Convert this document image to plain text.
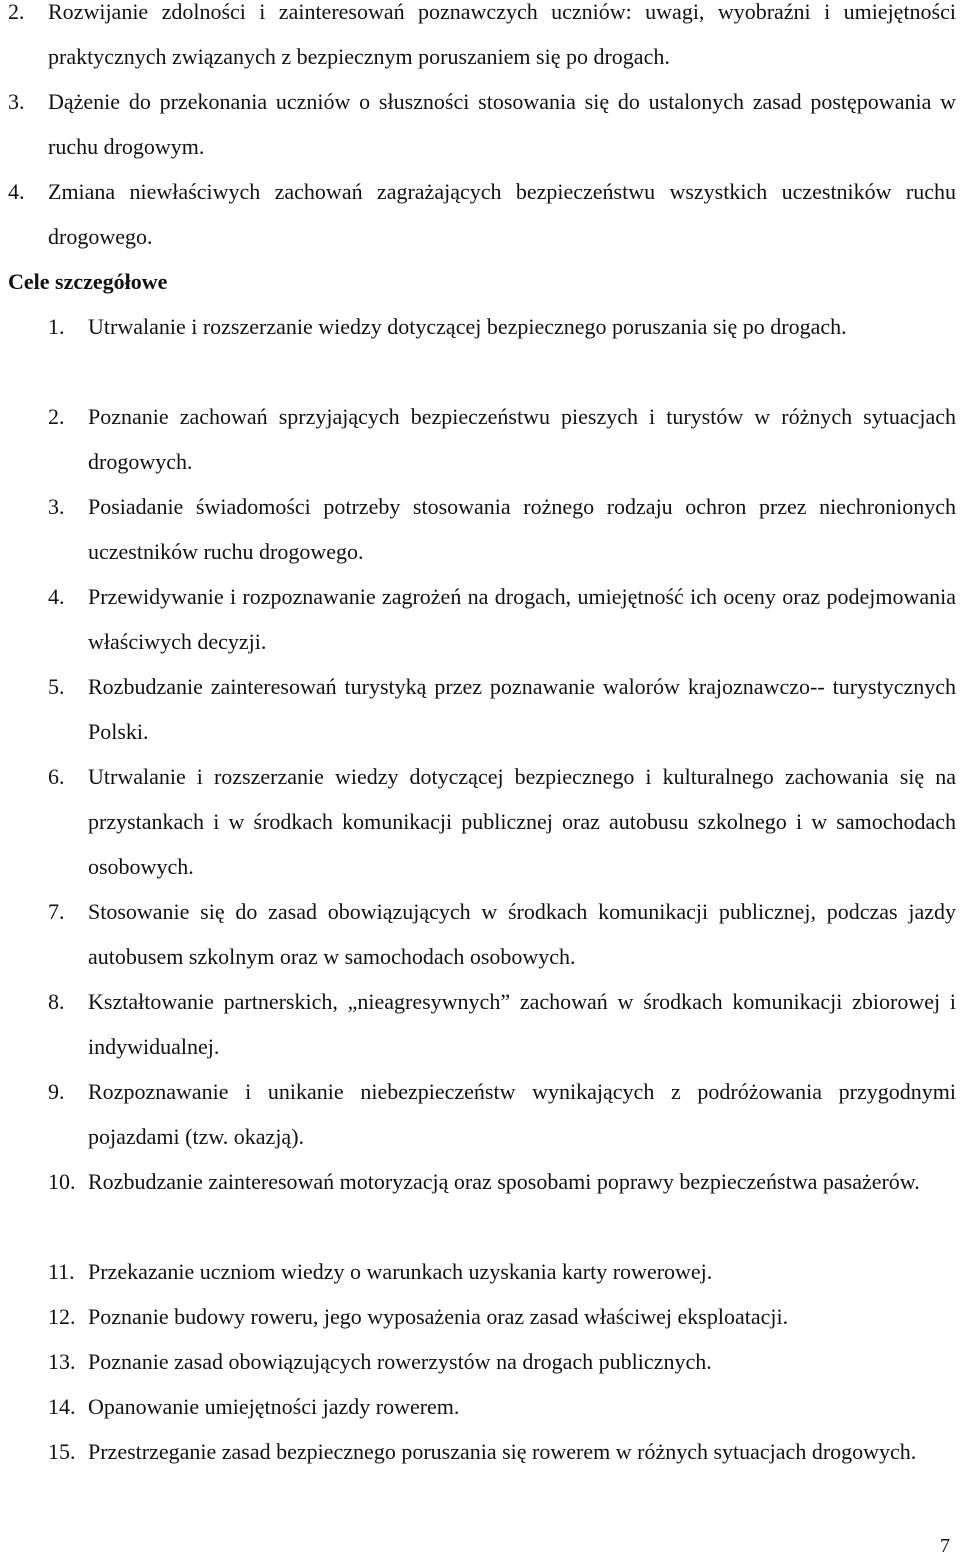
2.	Rozwijanie zdolności i zainteresowań poznawczych uczniów: uwagi, wyobraźni i umiejętności praktycznych związanych z bezpiecznym poruszaniem się po drogach.
3.	Dążenie do przekonania uczniów o słuszności stosowania się do ustalonych zasad postępowania w ruchu drogowym.
4.	Zmiana niewłaściwych zachowań zagrażających bezpieczeństwu wszystkich uczestników ruchu drogowego.
Cele szczegółowe
1.	Utrwalanie i rozszerzanie wiedzy dotyczącej bezpiecznego poruszania się po drogach.
2.	Poznanie zachowań sprzyjających bezpieczeństwu pieszych i turystów w różnych sytuacjach drogowych.
3.	Posiadanie świadomości potrzeby stosowania rożnego rodzaju ochron przez niechronionych uczestników ruchu drogowego.
4.	Przewidywanie i rozpoznawanie zagrożeń na drogach, umiejętność ich oceny oraz podejmowania właściwych decyzji.
5.	Rozbudzanie zainteresowań turystyką przez poznawanie walorów krajoznawczo-- turystycznych Polski.
6.	Utrwalanie i rozszerzanie wiedzy dotyczącej bezpiecznego i kulturalnego zachowania się na przystankach i w środkach komunikacji publicznej oraz autobusu szkolnego i w samochodach osobowych.
7.	Stosowanie się do zasad obowiązujących w środkach komunikacji publicznej, podczas jazdy autobusem szkolnym oraz w samochodach osobowych.
8.	Kształtowanie partnerskich, „nieagresywnych” zachowań w środkach komunikacji zbiorowej i indywidualnej.
9.	Rozpoznawanie i unikanie niebezpieczeństw wynikających z podróżowania przygodnymi pojazdami (tzw. okazją).
10. Rozbudzanie zainteresowań motoryzacją oraz sposobami poprawy bezpieczeństwa pasażerów.
11. Przekazanie uczniom wiedzy o warunkach uzyskania karty rowerowej.
12. Poznanie budowy roweru, jego wyposażenia oraz zasad właściwej eksploatacji.
13. Poznanie zasad obowiązujących rowerzystów na drogach publicznych.
14. Opanowanie umiejętności jazdy rowerem.
15. Przestrzeganie zasad bezpiecznego poruszania się rowerem w różnych sytuacjach drogowych.
7
